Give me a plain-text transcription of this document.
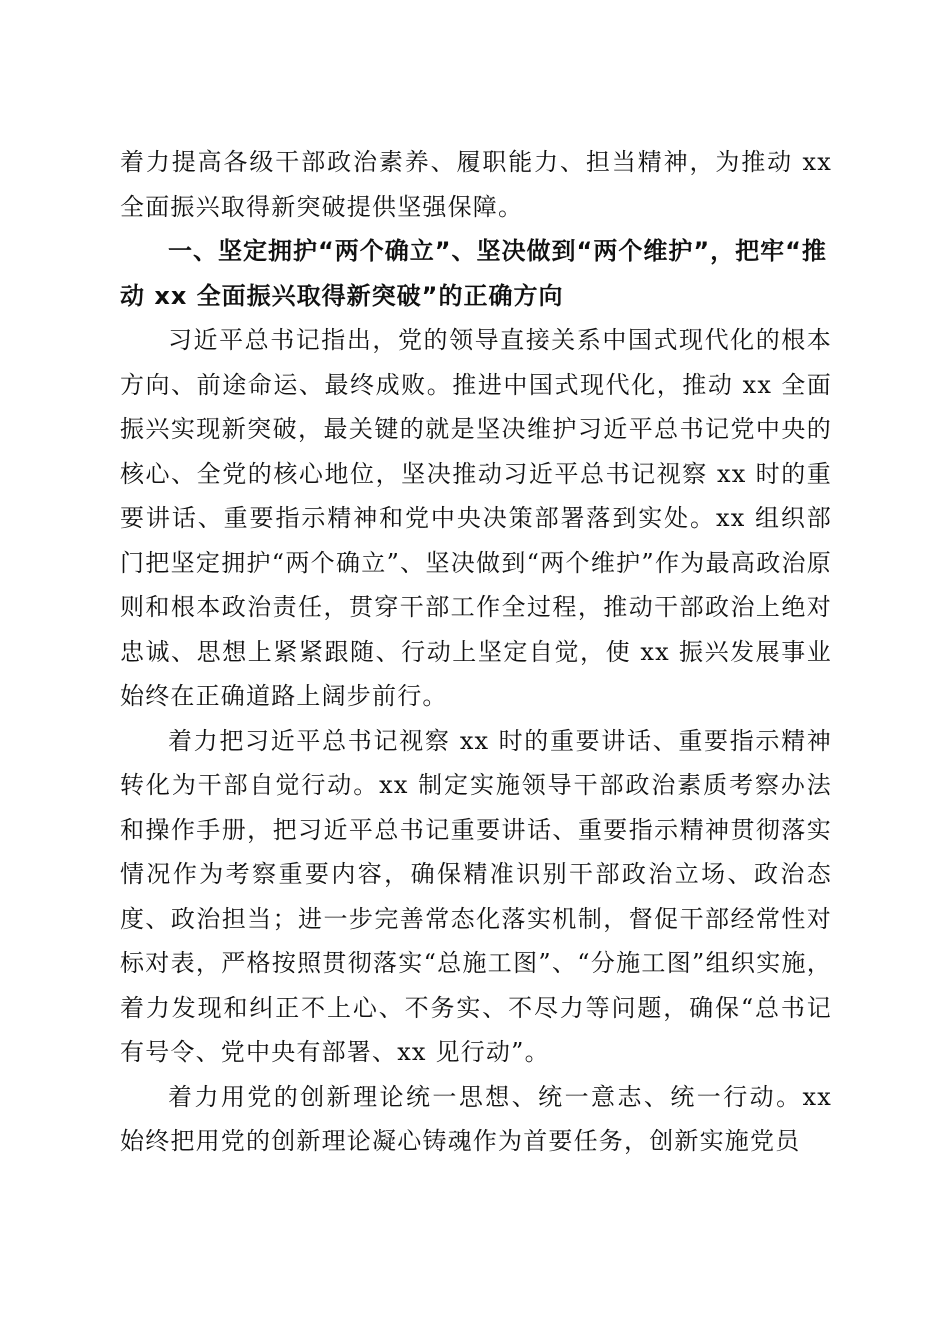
着力提高各级干部政治素养、履职能力、担当精神，为推动 xx 全面振兴取得新突破提供坚强保障。

一、坚定拥护“两个确立”、坚决做到“两个维护”，把牢“推动 xx 全面振兴取得新突破”的正确方向

习近平总书记指出，党的领导直接关系中国式现代化的根本方向、前途命运、最终成败。推进中国式现代化，推动 xx 全面振兴实现新突破，最关键的就是坚决维护习近平总书记党中央的核心、全党的核心地位，坚决推动习近平总书记视察 xx 时的重要讲话、重要指示精神和党中央决策部署落到实处。xx 组织部门把坚定拥护“两个确立”、坚决做到“两个维护”作为最高政治原则和根本政治责任，贯穿干部工作全过程，推动干部政治上绝对忠诚、思想上紧紧跟随、行动上坚定自觉，使 xx 振兴发展事业始终在正确道路上阔步前行。

着力把习近平总书记视察 xx 时的重要讲话、重要指示精神转化为干部自觉行动。xx 制定实施领导干部政治素质考察办法和操作手册，把习近平总书记重要讲话、重要指示精神贯彻落实情况作为考察重要内容，确保精准识别干部政治立场、政治态度、政治担当；进一步完善常态化落实机制，督促干部经常性对标对表，严格按照贯彻落实“总施工图”、“分施工图”组织实施，着力发现和纠正不上心、不务实、不尽力等问题，确保“总书记有号令、党中央有部署、xx 见行动”。

着力用党的创新理论统一思想、统一意志、统一行动。xx 始终把用党的创新理论凝心铸魂作为首要任务，创新实施党员
